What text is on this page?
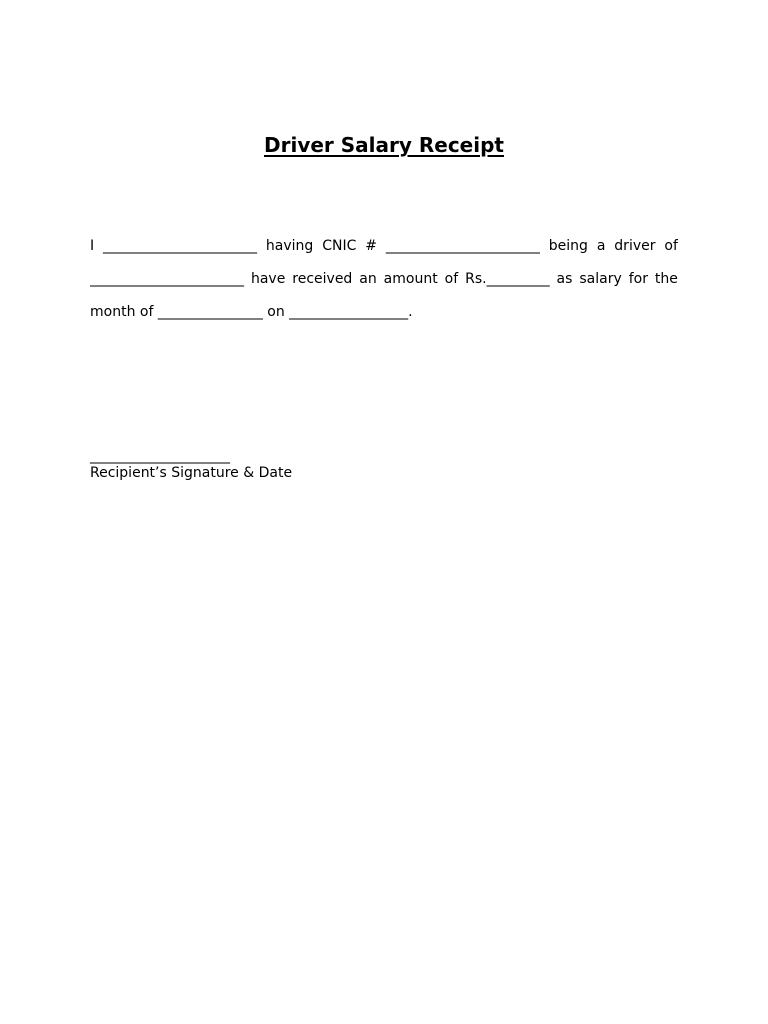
Driver Salary Receipt
I ______________________ having CNIC # ______________________ being a driver of
______________________ have received an amount of Rs._________ as salary for the
month of _______________ on _________________.
____________________
Recipient’s Signature & Date
